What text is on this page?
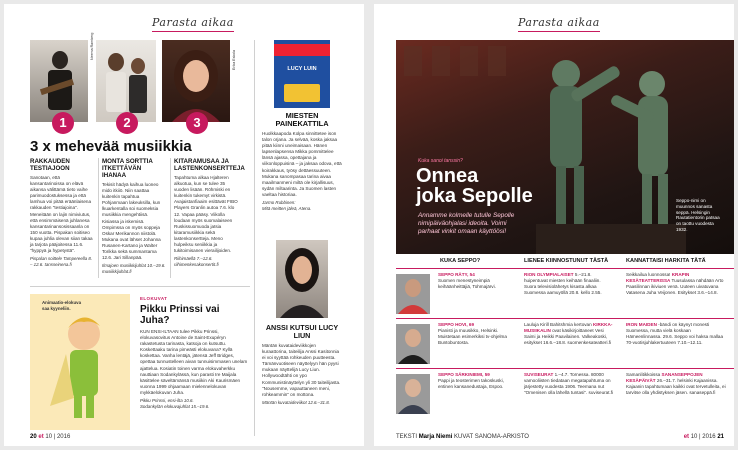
Parasta aikaa
Neema Ramberg
Erika Eskola
1	2	3
3 x mehevää musiikkia
RAKKAUDEN TESTIAJOON

Sanotaan, että kansantarinoissa on elävä aikansa välittämä tieto vaihe parimuodostuksessa ja että lamhua voi pitää eräänlaisena rakkauden "testiajoina". Meneitään on lajin nimiviutus, että ensimmäisenä juhlanesa kansantarinansosissaanla on 150 vuotta. Pispakan soitiseo kupaa juhlia olevan siian takaa ja tarjota pääjoitessa 11.6. "hyppyä ja hypetystä".

Pispalan soittele Tampereella 8. – 12.6. tansseinena.fi
MONTA SORTTIA ITKETTÄVÄN IHANAA

Tekisit hädyä kaihua luoneo mido itkiiö. Niin saattaa kuitenkin tapahtua Pohjanmaan lakeuksilla, kun lkuarkentalla soi suomeksia musiikkia mengehtiisä. Kisiassa ja iskemisä. Ompimssa on myös soppeja Oskar Merikannon niistolä. Mukana ovat lähset Johanna Rusanen-Kartano ja Walter Torikka sekä summantama 12.6. Jari Sillanpää.

Ilmajoen musiikkijuhlat 10.–19.6. musiikkijuhlat.fi
KITARAMUSAA JA LASTENKONSERTTEJA

Tapahtuma alkaa Hjalteren alkuotua, kun se tulee 35 vuoden lisään. Röhmiski en kuitenkin tukemyt virkistä. Avajaistanfiaaim esittävät FIBO Players Granlin autoa 7.6. klo 12. Vapaa pääsy. Viikolla loudaan myös suomalaiseen Ruskissuomuoda jatsia kitaramusiikkia sekä lastenkonsertteja. Meno hulpeiksu seniikkia ja tukitoimisanen vierailijoiden.

Riihimäellä 7.–12.6. riihimenkesakonsertit.fi
LUCY LUIN
MIESTEN PAINEKATTILA

Huolkkaapoda Kolpa sinnittetee ison talon orjana. Ja selvää, koska jaksaa pitää kiinni uneimaisaan. Hänen lapsenlapsensa Mikka pommittelee länsä ajassa, opettajana ja viikonloppuisinä – ja jaksaa odova, että koirakkaus, työsy dettäessuuteen. Mukana sanompasaa tarina aivaa maailmanmeni miltä ole kirjallisuus, sydän miltaarinta. Ja Suomen lasten vaeltaa historiaa.

Jarmo Rubbinen:
Mitä meitten jäleä, Atena.
Animaatio-elokuva saa kyyneliin.
ELOKUVAT
Pikku Prinssi vai Juha?

KUN ENSI-ILTAAN tulee Pikku Prinssi, elokuvasovitus Antoine de Saint-Exupéryn rakastetusta tarinasta, katsoja on kutsuttu. Koskettaaku tarina pimeästi elokuvana? Kyllä koskettaa. Vanha lentäjä, jätensä Jeff Bridges, opettaa tunnustelleen aivan tunnuisimmasen unelam ajattelua. Kosiatin toinen varma elokuvaherkku nauttiaan Sodankylässä, kun parasti Ire Maijala käsittelee säveltämänsä musiikin Aki Kaurismäen vuonna 1999 ohjaamaan mielennelokuvan mykkäelokuvan Juha.

Pikku Prinssi, ensi-ilta 10.6.
Sodankylän elokuvajuhlat 15.–19.6.
ANSSI KUTSUI LUCY LIUN

Mäntän kuvataideviikkojen kuraattorina, taiteilija Anssi Kasitonnia ei voi syyttää rohkeuden puutteesta. Tämänvuotiseen näyttelyyn hän pyysi mukaan näyttelijä Lucy Liun. Hollywoodtähti on ypo Kommunistinäyttelyn yli 30 taiteilijasta. "Nousemme, vapauttaneen meni, rohkeammin" on mottona.

Mäntän kuvataideviikot 12.6.–31.8.
20 et 10 | 2016
Parasta aikaa
Kuka sanoi tanssin?
Onnea
joka Sepolle
Annamme kolmelle tutulle Sepolle nimipäiväohjalasi ideoita. Voimi parhaat vinkit omaan käyttöösi!
Seppo-nimi on muunnos sanasta seppä. Helsingin Rautatientorin patsaa on taottu vuodesta 1932.
KUKA SEPPO?	LIENEE KIINNOSTUNUT TÄSTÄ	KANNATTAISI HARKITA TÄTÄ
SEPPO RÄTY, 54
Suomen menestyneimpiä keihäänheittäjiä, Tohmajärvi.
RION OLYMPIALAISET 5.–21.8. huipentuvat miesten keihään finaaliin. Suora televisiolähetys kisasta alkaa Suomessa aamuyöllä 20.8. kello 2.55.
Seikkailua luonnossa! KRAPIN KESÄTEATTERISSA Tuusulassa nähdään Arto Paasilinnan ikiviuen venä. Uuteen uivatuvana Vatasena Juha Veijonen. Esitykset 3.6.–14.8.
SEPPO HOVI, 69
Pianisti ja muusikko, Helsinki. Muistetaan esimerkiksi tv-ohjelma Buntobuntosta.
Lauluja Kirill Bahitshmia kertovan KIRKKA-MUSIIKALIN ovat käsikirjoittaneet Vesi Saimi ja Heikki Paavilainen. Valkeakoski, esitykset 16.6.–18.8. suomenkesateatteri.fi
IRON MAIDEN -bändi on käynyt monesti Suomessa, mutta vielä koskaan Hämeenlinnassa. 29.6. Seppo voi haksa mallaa 70-vuotisjuhlakertuuteen 7.10.–12.11.
SEPPO SÄRKINIEMI, 59
Pappi ja teosterimen takoskuski, entinen kansanedustaja, Espoo.
SUVISEURAT 1.–4.7. Tornessa. 80000 vamooliisten tiedataan megatapahtuma on järjestetty vuodesta 1906. Teemana nut "Omenisen olla lähellä tuntasi". suviseurat.fi
Samanlitikkoissa SANANSEPPOJEN KESÄPÄIVÄT 26.–31.7. helsinki Kajaanissa. Kajaanin tapahtumaan kaikki ovat tervetulleita, ei tarvitse olla yhdistyksen jäsen. sanaseppä.fi
TEKSTI Marja Niemi KUVAT SANOMA-ARKISTO	et 10 | 2016 21
